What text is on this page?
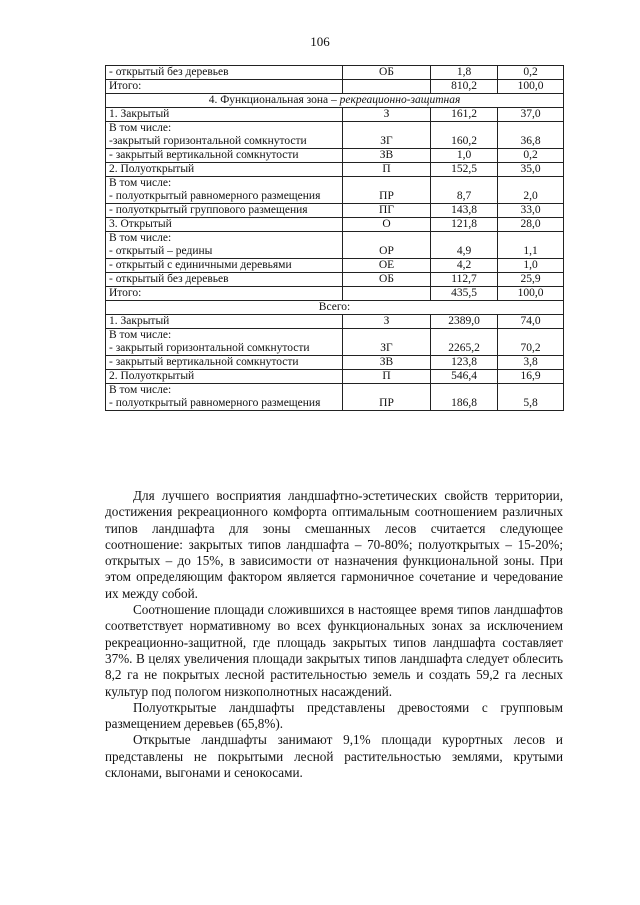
106
- открытый без деревьев	ОБ	1,8	0,2
Итого:		810,2	100,0
4. Функциональная зона – рекреационно-защитная			
1. Закрытый	З	161,2	37,0
В том числе:
-закрытый горизонтальной сомкнутости	ЗГ	160,2	36,8
- закрытый вертикальной сомкнутости	ЗВ	1,0	0,2
2. Полуоткрытый	П	152,5	35,0
В том числе:
- полуоткрытый равномерного размещения	ПР	8,7	2,0
- полуоткрытый группового размещения	ПГ	143,8	33,0
3. Открытый	О	121,8	28,0
В том числе:
- открытый – редины	ОР	4,9	1,1
- открытый с единичными деревьями	ОЕ	4,2	1,0
- открытый без деревьев	ОБ	112,7	25,9
Итого:		435,5	100,0
Всего:			
1. Закрытый	З	2389,0	74,0
В том числе:
- закрытый горизонтальной сомкнутости	ЗГ	2265,2	70,2
- закрытый вертикальной сомкнутости	ЗВ	123,8	3,8
2. Полуоткрытый	П	546,4	16,9
В том числе:
- полуоткрытый равномерного размещения	ПР	186,8	5,8

Для лучшего восприятия ландшафтно-эстетических свойств территории, достижения рекреационного комфорта оптимальным соотношением различных типов ландшафта для зоны смешанных лесов считается следующее соотношение: закрытых типов ландшафта – 70-80%; полуоткрытых – 15-20%; открытых – до 15%, в зависимости от назначения функциональной зоны. При этом определяющим фактором является гармоничное сочетание и чередование их между собой.

Соотношение площади сложившихся в настоящее время типов ландшафтов соответствует нормативному во всех функциональных зонах за исключением рекреационно-защитной, где площадь закрытых типов ландшафта составляет 37%. В целях увеличения площади закрытых типов ландшафта следует облесить 8,2 га не покрытых лесной растительностью земель и создать 59,2 га лесных культур под пологом низкополнотных насаждений.

Полуоткрытые ландшафты представлены древостоями с групповым размещением деревьев (65,8%).

Открытые ландшафты занимают 9,1% площади курортных лесов и представлены не покрытыми лесной растительностью землями, крутыми склонами, выгонами и сенокосами.
